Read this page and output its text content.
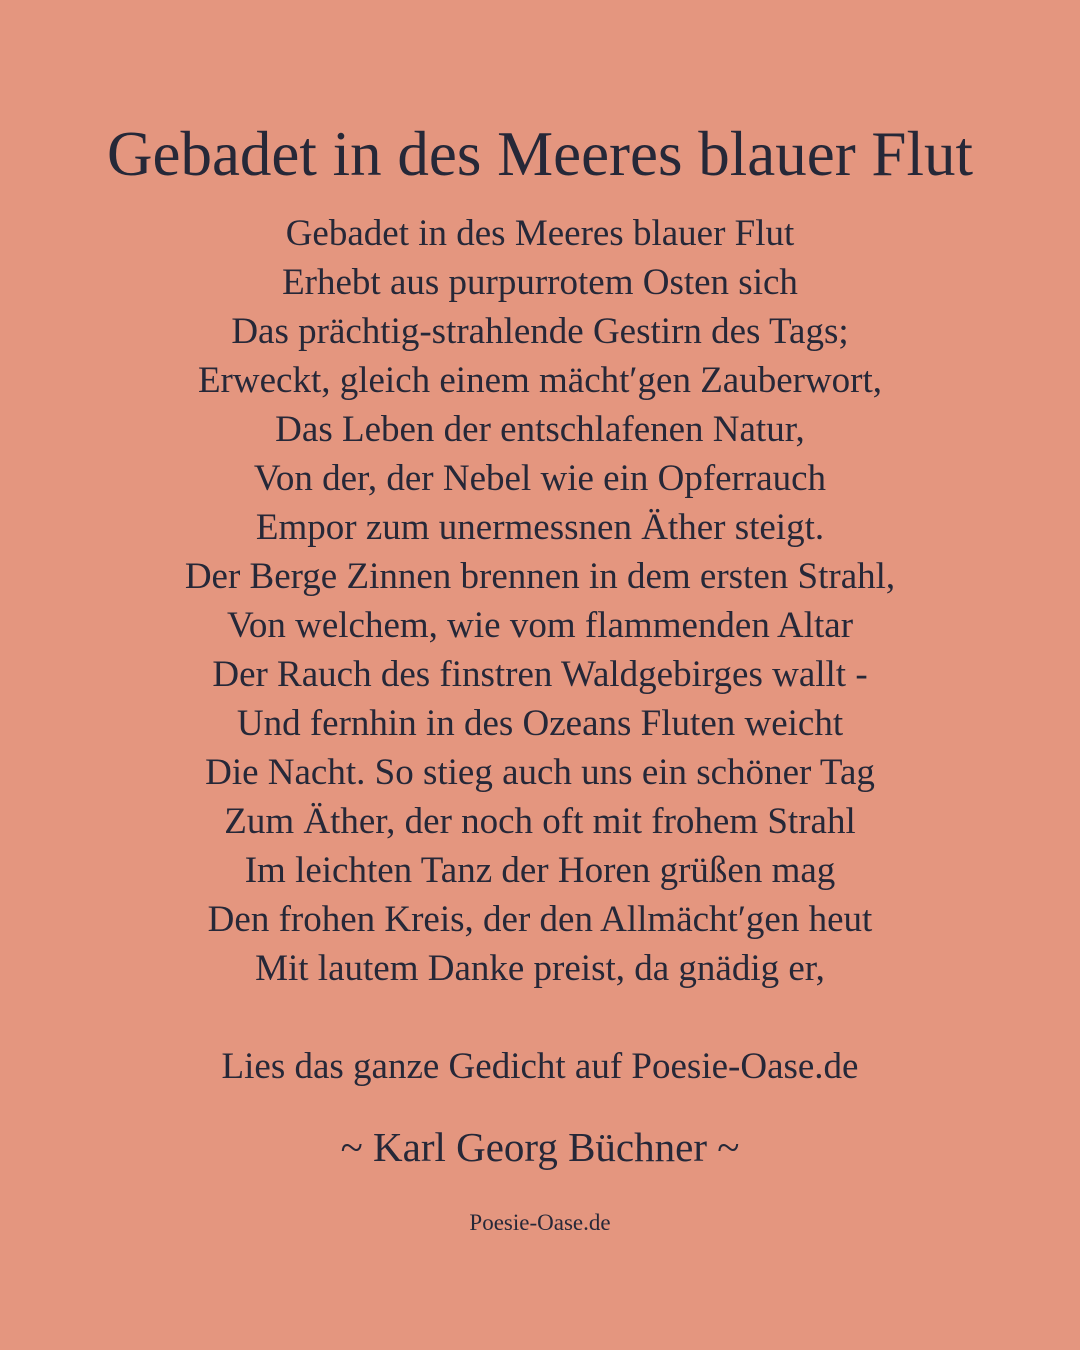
Gebadet in des Meeres blauer Flut
Gebadet in des Meeres blauer Flut
Erhebt aus purpurrotem Osten sich
Das prächtig-strahlende Gestirn des Tags;
Erweckt, gleich einem mächt′gen Zauberwort,
Das Leben der entschlafenen Natur,
Von der, der Nebel wie ein Opferrauch
Empor zum unermessnen Äther steigt.
Der Berge Zinnen brennen in dem ersten Strahl,
Von welchem, wie vom flammenden Altar
Der Rauch des finstren Waldgebirges wallt -
Und fernhin in des Ozeans Fluten weicht
Die Nacht. So stieg auch uns ein schöner Tag
Zum Äther, der noch oft mit frohem Strahl
Im leichten Tanz der Horen grüßen mag
Den frohen Kreis, der den Allmächt′gen heut
Mit lautem Danke preist, da gnädig er,
Lies das ganze Gedicht auf Poesie-Oase.de
~ Karl Georg Büchner ~
Poesie-Oase.de
